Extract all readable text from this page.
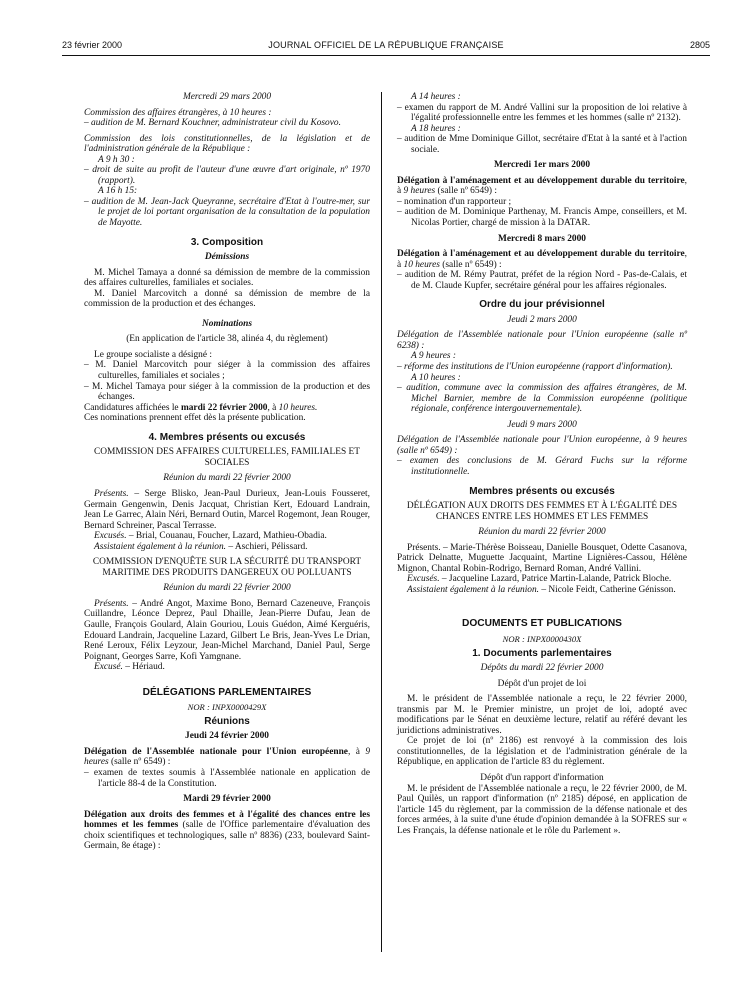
23 février 2000	JOURNAL OFFICIEL DE LA RÉPUBLIQUE FRANÇAISE	2805

Mercredi 29 mars 2000

Commission des affaires étrangères, à 10 heures :

– audition de M. Bernard Kouchner, administrateur civil du Kosovo.

Commission des lois constitutionnelles, de la législation et de l'administration générale de la République :

A 9 h 30 :

– droit de suite au profit de l'auteur d'une œuvre d'art originale, nº 1970 (rapport).

A 16 h 15:

– audition de M. Jean-Jack Queyranne, secrétaire d'Etat à l'outre-mer, sur le projet de loi portant organisation de la consultation de la population de Mayotte.

3. Composition

Démissions

M. Michel Tamaya a donné sa démission de membre de la commission des affaires culturelles, familiales et sociales.

M. Daniel Marcovitch a donné sa démission de membre de la commission de la production et des échanges.

Nominations

(En application de l'article 38, alinéa 4, du règlement)

Le groupe socialiste a désigné :

– M. Daniel Marcovitch pour siéger à la commission des affaires culturelles, familiales et sociales ;

– M. Michel Tamaya pour siéger à la commission de la production et des échanges.

Candidatures affichées le mardi 22 février 2000, à 10 heures.

Ces nominations prennent effet dès la présente publication.

4. Membres présents ou excusés

COMMISSION DES AFFAIRES CULTURELLES, FAMILIALES ET SOCIALES

Réunion du mardi 22 février 2000

Présents. – Serge Blisko, Jean-Paul Durieux, Jean-Louis Fousseret, Germain Gengenwin, Denis Jacquat, Christian Kert, Edouard Landrain, Jean Le Garrec, Alain Néri, Bernard Outin, Marcel Rogemont, Jean Rouger, Bernard Schreiner, Pascal Terrasse.

Excusés. – Brial, Couanau, Foucher, Lazard, Mathieu-Obadia.

Assistaient également à la réunion. – Aschieri, Pélissard.

COMMISSION D'ENQUÊTE SUR LA SÉCURITÉ DU TRANSPORT MARITIME DES PRODUITS DANGEREUX OU POLLUANTS

Réunion du mardi 22 février 2000

Présents. – André Angot, Maxime Bono, Bernard Cazeneuve, François Cuillandre, Léonce Deprez, Paul Dhaille, Jean-Pierre Dufau, Jean de Gaulle, François Goulard, Alain Gouriou, Louis Guédon, Aimé Kerguéris, Edouard Landrain, Jacqueline Lazard, Gilbert Le Bris, Jean-Yves Le Drian, René Leroux, Félix Leyzour, Jean-Michel Marchand, Daniel Paul, Serge Poignant, Georges Sarre, Kofi Yamgnane.

Excusé. – Hériaud.

DÉLÉGATIONS PARLEMENTAIRES

NOR : INPX0000429X

Réunions

Jeudi 24 février 2000

Délégation de l'Assemblée nationale pour l'Union européenne, à 9 heures (salle nº 6549) :

– examen de textes soumis à l'Assemblée nationale en application de l'article 88-4 de la Constitution.

Mardi 29 février 2000

Délégation aux droits des femmes et à l'égalité des chances entre les hommes et les femmes (salle de l'Office parlementaire d'évaluation des choix scientifiques et technologiques, salle nº 8836) (233, boulevard Saint-Germain, 8e étage) :

A 14 heures :

– examen du rapport de M. André Vallini sur la proposition de loi relative à l'égalité professionnelle entre les femmes et les hommes (salle nº 2132).

A 18 heures :

– audition de Mme Dominique Gillot, secrétaire d'Etat à la santé et à l'action sociale.

Mercredi 1er mars 2000

Délégation à l'aménagement et au développement durable du territoire, à 9 heures (salle nº 6549) :

– nomination d'un rapporteur ;

– audition de M. Dominique Parthenay, M. Francis Ampe, conseillers, et M. Nicolas Portier, chargé de mission à la DATAR.

Mercredi 8 mars 2000

Délégation à l'aménagement et au développement durable du territoire, à 10 heures (salle nº 6549) :

– audition de M. Rémy Pautrat, préfet de la région Nord - Pas-de-Calais, et de M. Claude Kupfer, secrétaire général pour les affaires régionales.

Ordre du jour prévisionnel

Jeudi 2 mars 2000

Délégation de l'Assemblée nationale pour l'Union européenne (salle nº 6238) :

A 9 heures :

– réforme des institutions de l'Union européenne (rapport d'information).

A 10 heures :

– audition, commune avec la commission des affaires étrangères, de M. Michel Barnier, membre de la Commission européenne (politique régionale, conférence intergouvernementale).

Jeudi 9 mars 2000

Délégation de l'Assemblée nationale pour l'Union européenne, à 9 heures (salle nº 6549) :

– examen des conclusions de M. Gérard Fuchs sur la réforme institutionnelle.

Membres présents ou excusés

DÉLÉGATION AUX DROITS DES FEMMES ET À L'ÉGALITÉ DES CHANCES ENTRE LES HOMMES ET LES FEMMES

Réunion du mardi 22 février 2000

Présents. – Marie-Thérèse Boisseau, Danielle Bousquet, Odette Casanova, Patrick Delnatte, Muguette Jacquaint, Martine Lignières-Cassou, Hélène Mignon, Chantal Robin-Rodrigo, Bernard Roman, André Vallini.

Excusés. – Jacqueline Lazard, Patrice Martin-Lalande, Patrick Bloche.

Assistaient également à la réunion. – Nicole Feidt, Catherine Génisson.

DOCUMENTS ET PUBLICATIONS

NOR : INPX0000430X

1. Documents parlementaires

Dépôts du mardi 22 février 2000

Dépôt d'un projet de loi

M. le président de l'Assemblée nationale a reçu, le 22 février 2000, transmis par M. le Premier ministre, un projet de loi, adopté avec modifications par le Sénat en deuxième lecture, relatif au référé devant les juridictions administratives.

Ce projet de loi (nº 2186) est renvoyé à la commission des lois constitutionnelles, de la législation et de l'administration générale de la République, en application de l'article 83 du règlement.

Dépôt d'un rapport d'information

M. le président de l'Assemblée nationale a reçu, le 22 février 2000, de M. Paul Quilès, un rapport d'information (nº 2185) déposé, en application de l'article 145 du règlement, par la commission de la défense nationale et des forces armées, à la suite d'une étude d'opinion demandée à la SOFRES sur « Les Français, la défense nationale et le rôle du Parlement ».
